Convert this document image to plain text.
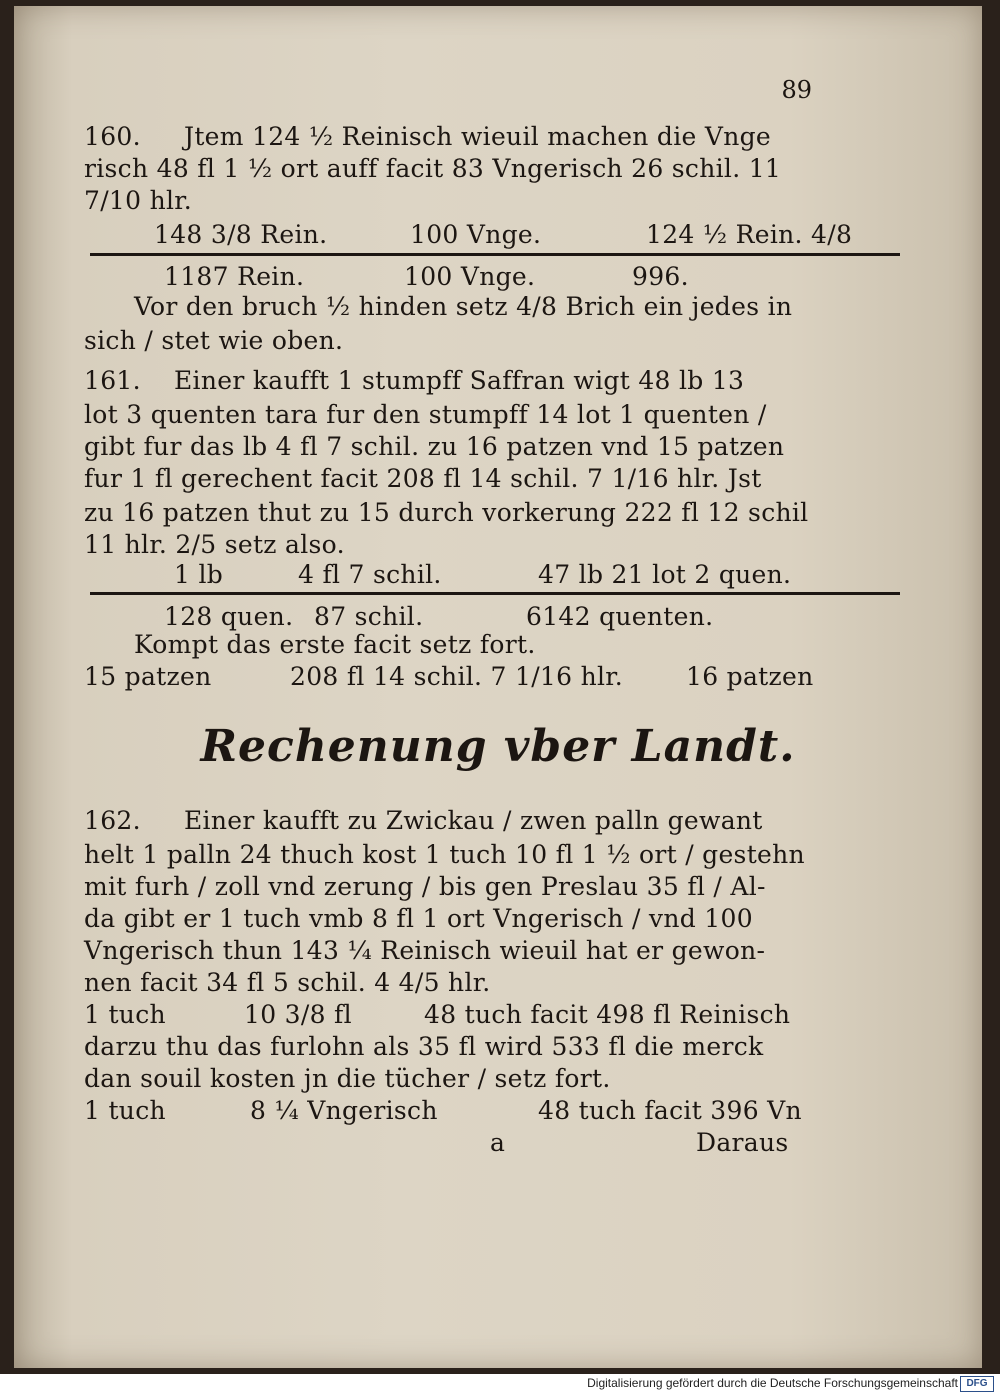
89
160. Jtem 124 ½ Reinisch wieuil machen die Vnge
risch 48 fl 1 ½ ort auff facit 83 Vngerisch 26 schil. 11
7/10 hlr.
148 3/8 Rein.	100 Vnge.	124 ½ Rein. 4/8
1187 Rein.	100 Vnge.	996.
Vor den bruch ½ hinden setz 4/8 Brich ein jedes in
sich / stet wie oben.
161. Einer kaufft 1 stumpff Saffran wigt 48 lb 13
lot 3 quenten tara fur den stumpff 14 lot 1 quenten /
gibt fur das lb 4 fl 7 schil. zu 16 patzen vnd 15 patzen
fur 1 fl gerechent facit 208 fl 14 schil. 7 1/16 hlr. Jst
zu 16 patzen thut zu 15 durch vorkerung 222 fl 12 schil
11 hlr. 2/5 setz also.
1 lb	4 fl 7 schil.	47 lb 21 lot 2 quen.
128 quen. 87 schil.	6142 quenten.
Kompt das erste facit setz fort.
15 patzen	208 fl 14 schil. 7 1/16 hlr.	16 patzen
162. Einer kaufft zu Zwickau / zwen palln gewant
helt 1 palln 24 thuch kost 1 tuch 10 fl 1 ½ ort / gestehn
mit furh / zoll vnd zerung / bis gen Preslau 35 fl / Al-
da gibt er 1 tuch vmb 8 fl 1 ort Vngerisch / vnd 100
Vngerisch thun 143 ¼ Reinisch wieuil hat er gewon-
nen facit 34 fl 5 schil. 4 4/5 hlr.
1 tuch	10 3/8 fl	48 tuch facit 498 fl Reinisch
darzu thu das furlohn als 35 fl wird 533 fl die merck
dan souil kosten jn die tücher / setz fort.
1 tuch	8 ¼ Vngerisch	48 tuch facit 396 Vn
a	Daraus
Rechenung vber Landt.
Digitalisierung gefördert durch die Deutsche Forschungsgemeinschaft DFG
